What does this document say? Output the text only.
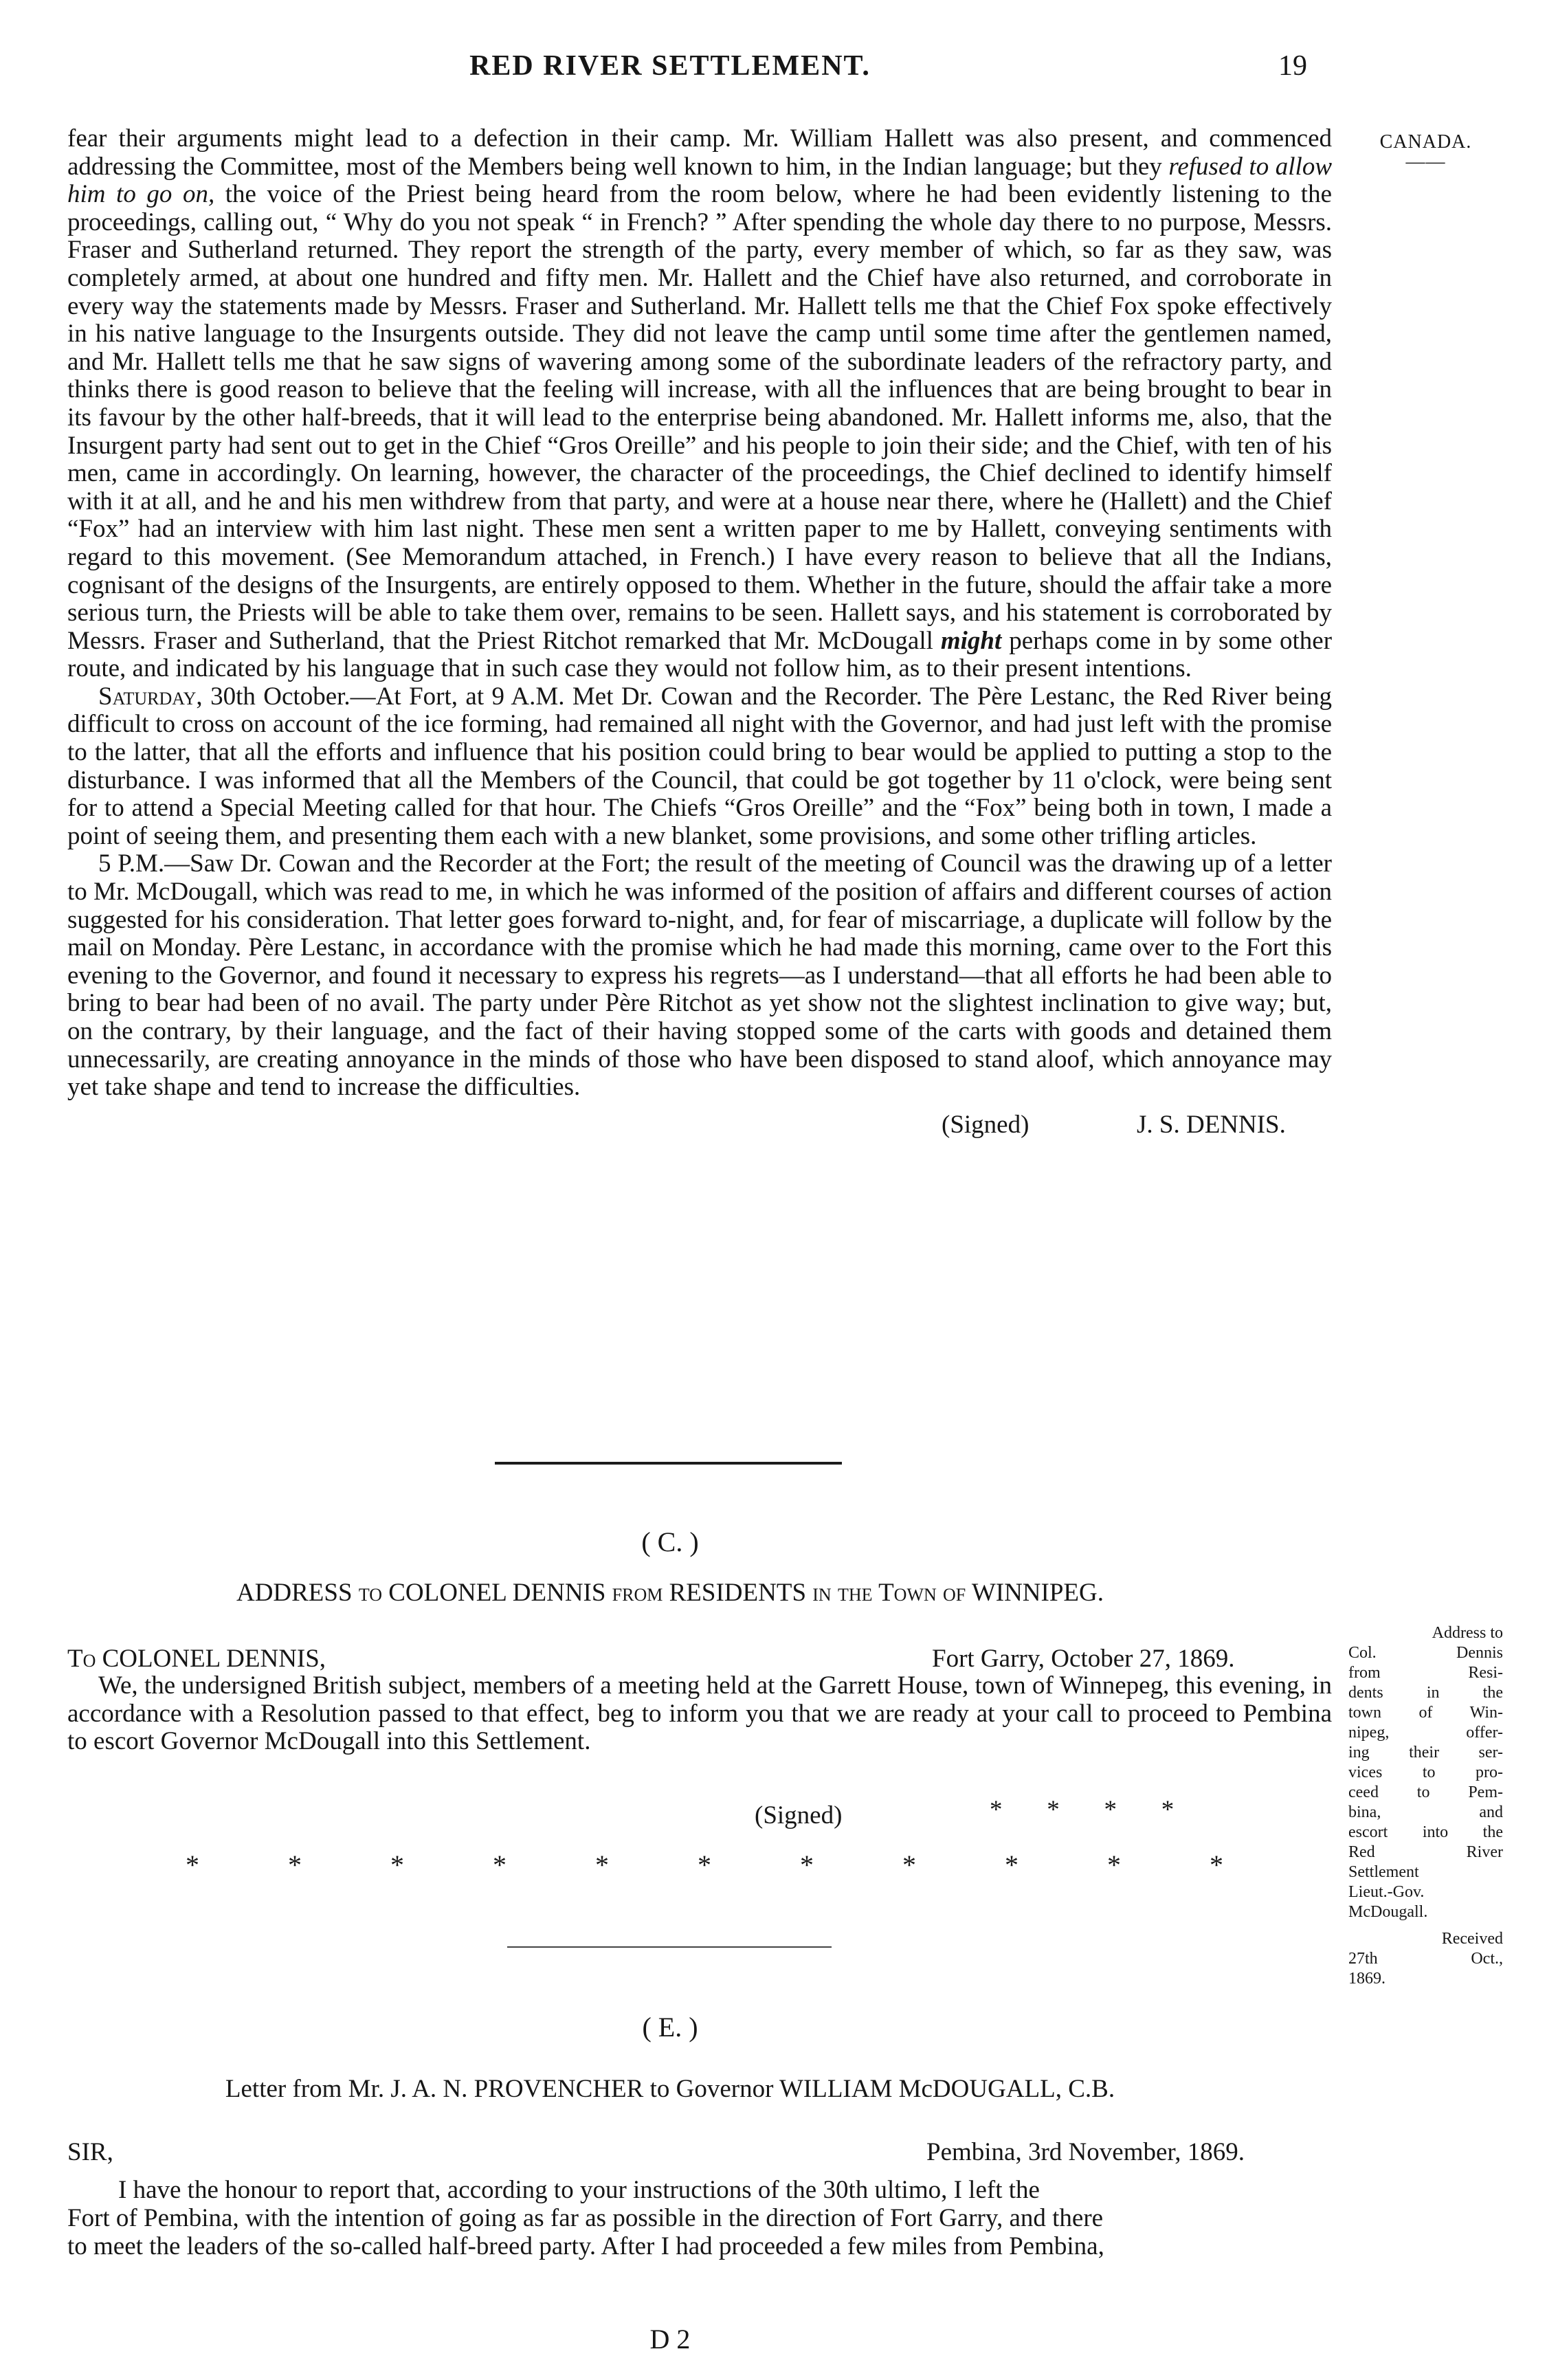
RED RIVER SETTLEMENT.	19
CANADA.
——

fear their arguments might lead to a defection in their camp. Mr. William Hallett was also present, and commenced addressing the Committee, most of the Members being well known to him, in the Indian language; but they refused to allow him to go on, the voice of the Priest being heard from the room below, where he had been evidently listening to the proceedings, calling out, “ Why do you not speak “ in French? ” After spending the whole day there to no purpose, Messrs. Fraser and Sutherland returned. They report the strength of the party, every member of which, so far as they saw, was completely armed, at about one hundred and fifty men. Mr. Hallett and the Chief have also returned, and corroborate in every way the statements made by Messrs. Fraser and Sutherland. Mr. Hallett tells me that the Chief Fox spoke effectively in his native language to the Insurgents outside. They did not leave the camp until some time after the gentlemen named, and Mr. Hallett tells me that he saw signs of wavering among some of the subordinate leaders of the refractory party, and thinks there is good reason to believe that the feeling will increase, with all the influences that are being brought to bear in its favour by the other half-breeds, that it will lead to the enterprise being abandoned. Mr. Hallett informs me, also, that the Insurgent party had sent out to get in the Chief “Gros Oreille” and his people to join their side; and the Chief, with ten of his men, came in accordingly. On learning, however, the character of the proceedings, the Chief declined to identify himself with it at all, and he and his men withdrew from that party, and were at a house near there, where he (Hallett) and the Chief “Fox” had an interview with him last night. These men sent a written paper to me by Hallett, conveying sentiments with regard to this movement. (See Memorandum attached, in French.) I have every reason to believe that all the Indians, cognisant of the designs of the Insurgents, are entirely opposed to them. Whether in the future, should the affair take a more serious turn, the Priests will be able to take them over, remains to be seen. Hallett says, and his statement is corroborated by Messrs. Fraser and Sutherland, that the Priest Ritchot remarked that Mr. McDougall might perhaps come in by some other route, and indicated by his language that in such case they would not follow him, as to their present intentions.

Saturday, 30th October.—At Fort, at 9 A.M. Met Dr. Cowan and the Recorder. The Père Lestanc, the Red River being difficult to cross on account of the ice forming, had remained all night with the Governor, and had just left with the promise to the latter, that all the efforts and influence that his position could bring to bear would be applied to putting a stop to the disturbance. I was informed that all the Members of the Council, that could be got together by 11 o'clock, were being sent for to attend a Special Meeting called for that hour. The Chiefs “Gros Oreille” and the “Fox” being both in town, I made a point of seeing them, and presenting them each with a new blanket, some provisions, and some other trifling articles.

5 P.M.—Saw Dr. Cowan and the Recorder at the Fort; the result of the meeting of Council was the drawing up of a letter to Mr. McDougall, which was read to me, in which he was informed of the position of affairs and different courses of action suggested for his consideration. That letter goes forward to-night, and, for fear of miscarriage, a duplicate will follow by the mail on Monday. Père Lestanc, in accordance with the promise which he had made this morning, came over to the Fort this evening to the Governor, and found it necessary to express his regrets—as I understand—that all efforts he had been able to bring to bear had been of no avail. The party under Père Ritchot as yet show not the slightest inclination to give way; but, on the contrary, by their language, and the fact of their having stopped some of the carts with goods and detained them unnecessarily, are creating annoyance in the minds of those who have been disposed to stand aloof, which annoyance may yet take shape and tend to increase the difficulties.

(Signed)	J. S. DENNIS.
( C. )
ADDRESS to COLONEL DENNIS from RESIDENTS in the Town of WINNIPEG.
To COLONEL DENNIS,	Fort Garry, October 27, 1869.
We, the undersigned British subject, members of a meeting held at the Garrett House, town of Winnepeg, this evening, in accordance with a Resolution passed to that effect, beg to inform you that we are ready at your call to proceed to Pembina to escort Governor McDougall into this Settlement.
(Signed)	*       *       *       *
*	*	*	*	*	*	*	*	*	*	*
Address to
Col. Dennis
from Resi-
dents in the
town of Win-
nipeg, offer-
ing their ser-
vices to pro-
ceed to Pem-
bina, and
escort into the
Red River
Settlement
Lieut.-Gov.
McDougall.
Received
27th Oct.,
1869.
( E. )
Letter from Mr. J. A. N. PROVENCHER to Governor WILLIAM McDOUGALL, C.B.
SIR,	Pembina, 3rd November, 1869.
I have the honour to report that, according to your instructions of the 30th ultimo, I left the
Fort of Pembina, with the intention of going as far as possible in the direction of Fort Garry, and there
to meet the leaders of the so-called half-breed party. After I had proceeded a few miles from Pembina,
D 2
